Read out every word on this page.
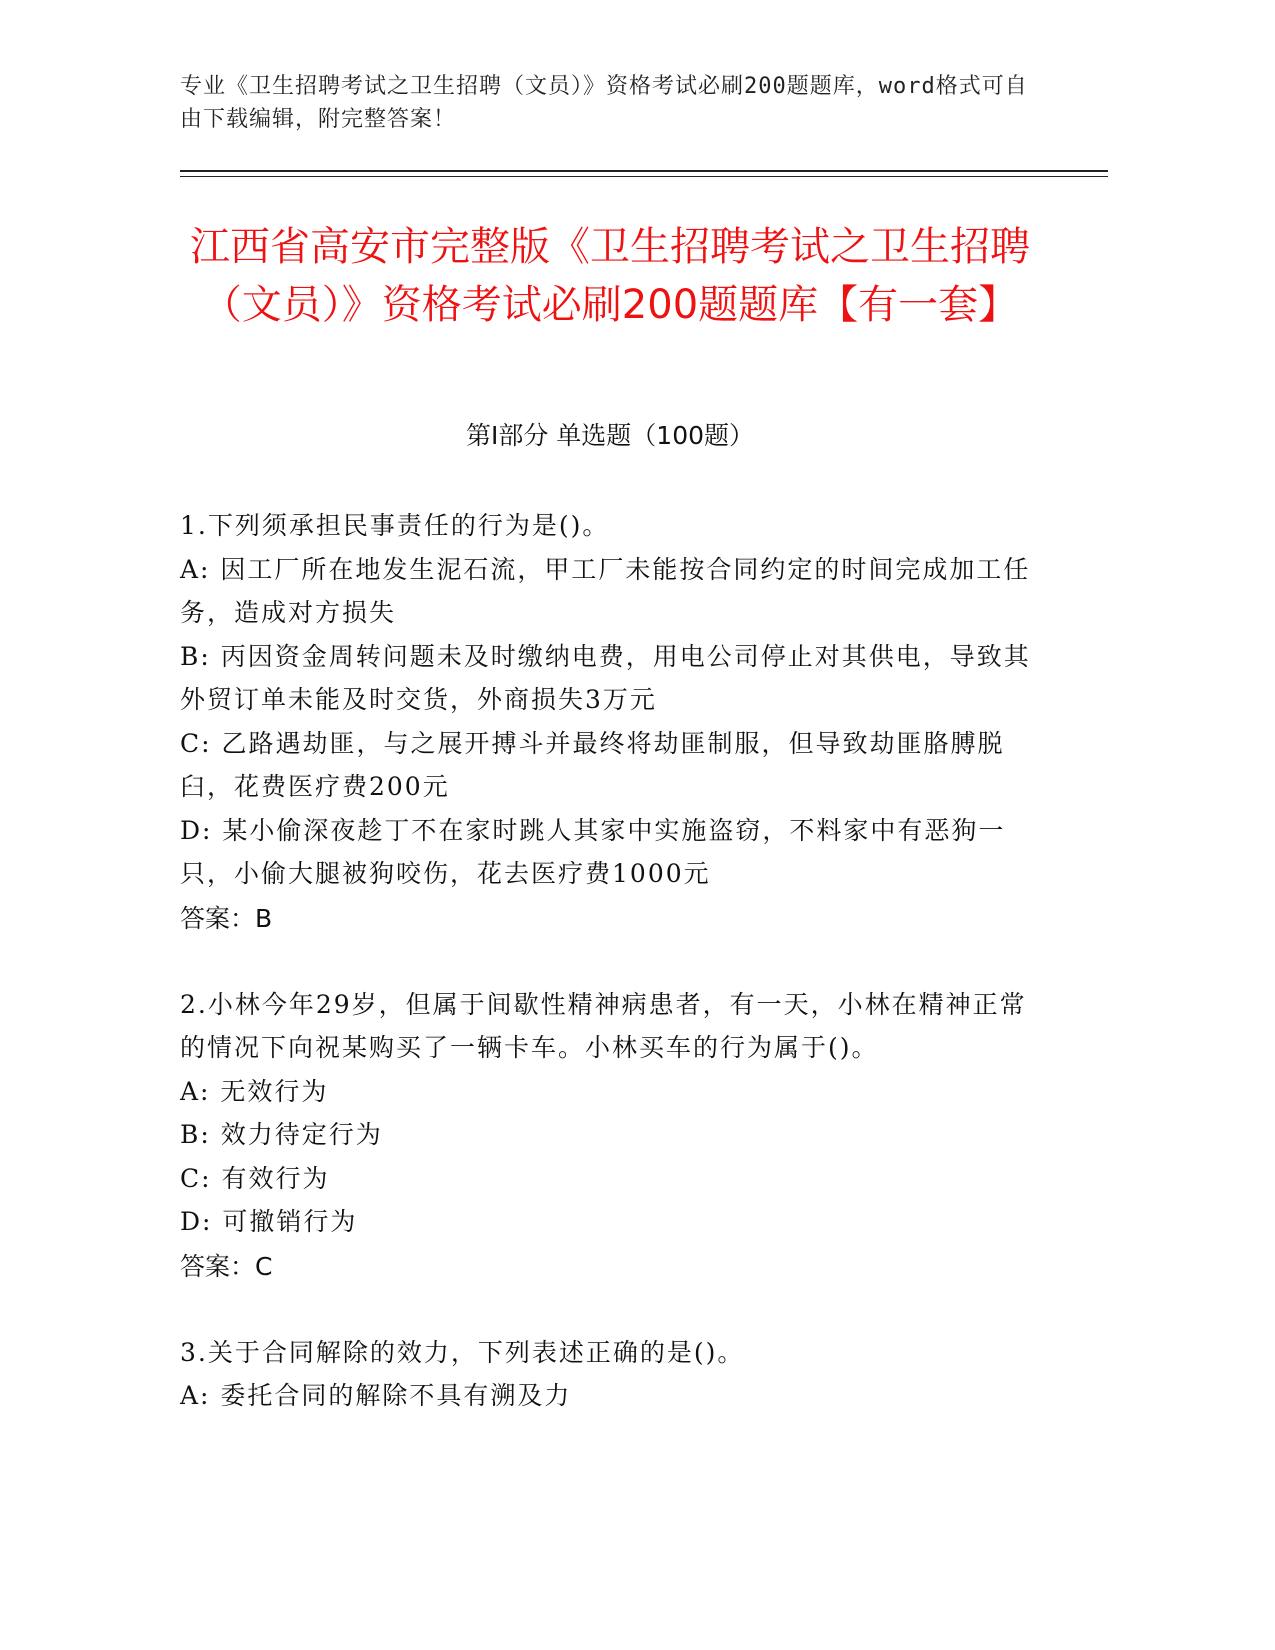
专业《卫生招聘考试之卫生招聘（文员）》资格考试必刷200题题库，word格式可自由下载编辑，附完整答案！
江西省高安市完整版《卫生招聘考试之卫生招聘（文员）》资格考试必刷200题题库【有一套】
第I部分 单选题（100题）

1.下列须承担民事责任的行为是()。

A: 因工厂所在地发生泥石流，甲工厂未能按合同约定的时间完成加工任务，造成对方损失

B: 丙因资金周转问题未及时缴纳电费，用电公司停止对其供电，导致其外贸订单未能及时交货，外商损失3万元

C: 乙路遇劫匪，与之展开搏斗并最终将劫匪制服，但导致劫匪胳膊脱臼，花费医疗费200元

D: 某小偷深夜趁丁不在家时跳人其家中实施盗窃，不料家中有恶狗一只，小偷大腿被狗咬伤，花去医疗费1000元

答案：B

2.小林今年29岁，但属于间歇性精神病患者，有一天，小林在精神正常的情况下向祝某购买了一辆卡车。小林买车的行为属于()。

A: 无效行为

B: 效力待定行为

C: 有效行为

D: 可撤销行为

答案：C

3.关于合同解除的效力，下列表述正确的是()。

A: 委托合同的解除不具有溯及力
